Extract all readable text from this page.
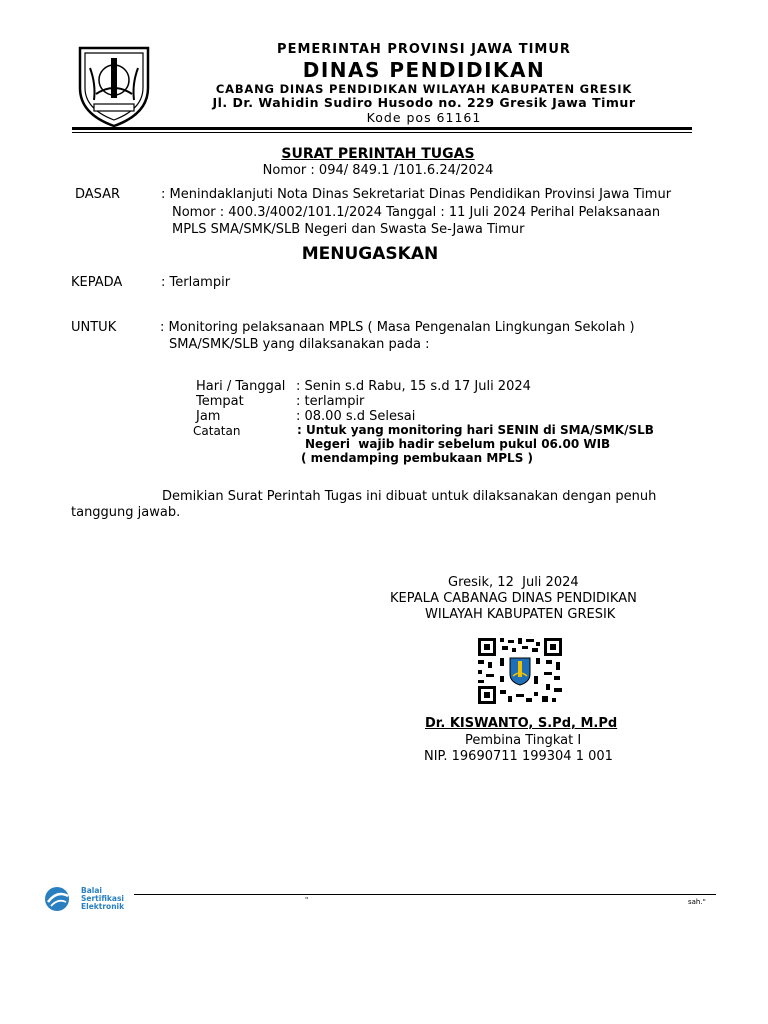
PEMERINTAH PROVINSI JAWA TIMUR
DINAS PENDIDIKAN
CABANG DINAS PENDIDIKAN WILAYAH KABUPATEN GRESIK
Jl. Dr. Wahidin Sudiro Husodo no. 229 Gresik Jawa Timur
Kode pos 61161
SURAT PERINTAH TUGAS
Nomor : 094/ 849.1 /101.6.24/2024
DASAR	: Menindaklanjuti Nota Dinas Sekretariat Dinas Pendidikan Provinsi Jawa Timur
Nomor : 400.3/4002/101.1/2024 Tanggal : 11 Juli 2024 Perihal Pelaksanaan
MPLS SMA/SMK/SLB Negeri dan Swasta Se-Jawa Timur
MENUGASKAN
KEPADA	: Terlampir
UNTUK	: Monitoring pelaksanaan MPLS ( Masa Pengenalan Lingkungan Sekolah )
SMA/SMK/SLB yang dilaksanakan pada :
Hari / Tanggal : Senin s.d Rabu, 15 s.d 17 Juli 2024
Tempat	: terlampir
Jam	: 08.00 s.d Selesai
Catatan	: Untuk yang monitoring hari SENIN di SMA/SMK/SLB
Negeri  wajib hadir sebelum pukul 06.00 WIB
( mendamping pembukaan MPLS )
Demikian Surat Perintah Tugas ini dibuat untuk dilaksanakan dengan penuh
tanggung jawab.
Gresik, 12  Juli 2024
KEPALA CABANAG DINAS PENDIDIKAN
WILAYAH KABUPATEN GRESIK
Dr. KISWANTO, S.Pd, M.Pd
Pembina Tingkat I
NIP. 19690711 199304 1 001
Balai
Sertifikasi
Elektronik
"	sah."
